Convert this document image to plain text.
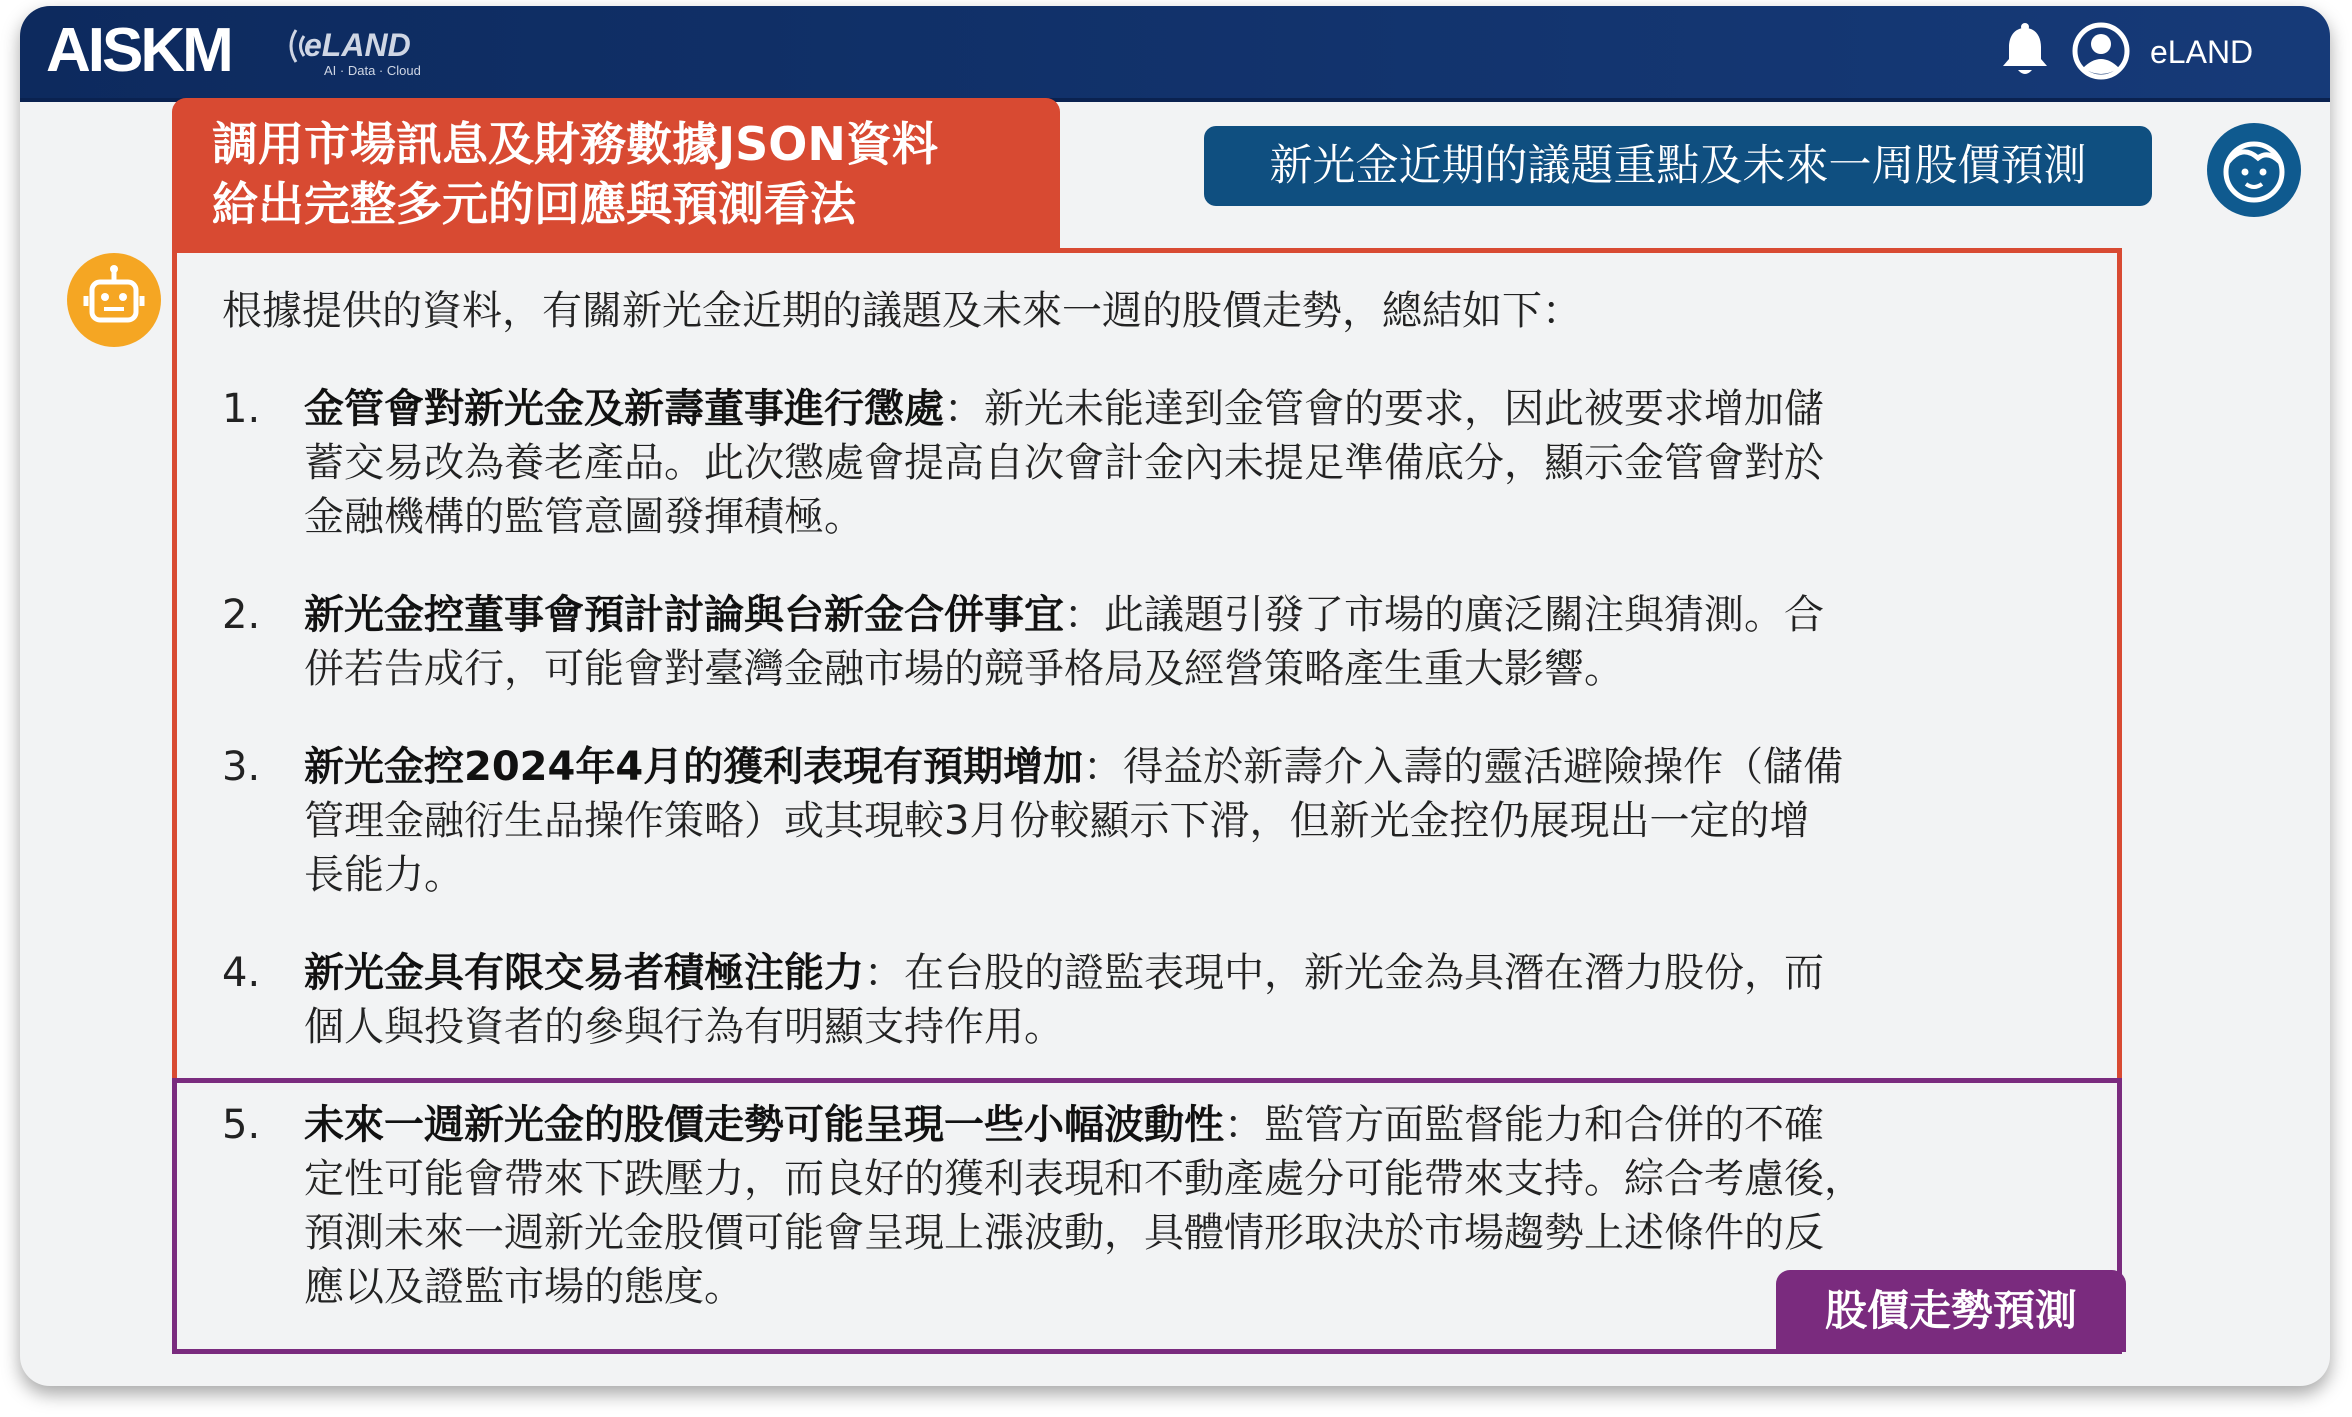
AISKM eLAND
AI · Data · Cloud
eLAND
調用市場訊息及財務數據JSON資料
給出完整多元的回應與預測看法
新光金近期的議題重點及未來一周股價預測
根據提供的資料，有關新光金近期的議題及未來一週的股價走勢，總結如下：
1.	金管會對新光金及新壽董事進行懲處：新光未能達到金管會的要求，因此被要求增加儲
蓄交易改為養老產品。此次懲處會提高自次會計金內未提足準備底分，顯示金管會對於
金融機構的監管意圖發揮積極。
2.	新光金控董事會預計討論與台新金合併事宜：此議題引發了市場的廣泛關注與猜測。合
併若告成行，可能會對臺灣金融市場的競爭格局及經營策略產生重大影響。
3.	新光金控2024年4月的獲利表現有預期增加：得益於新壽介入壽的靈活避險操作（儲備
管理金融衍生品操作策略）或其現較3月份較顯示下滑，但新光金控仍展現出一定的增
長能力。
4.	新光金具有限交易者積極注能力：在台股的證監表現中，新光金為具潛在潛力股份，而
個人與投資者的參與行為有明顯支持作用。
5.	未來一週新光金的股價走勢可能呈現一些小幅波動性：監管方面監督能力和合併的不確
定性可能會帶來下跌壓力，而良好的獲利表現和不動產處分可能帶來支持。綜合考慮後，
預測未來一週新光金股價可能會呈現上漲波動，具體情形取決於市場趨勢上述條件的反
應以及證監市場的態度。	股價走勢預測
